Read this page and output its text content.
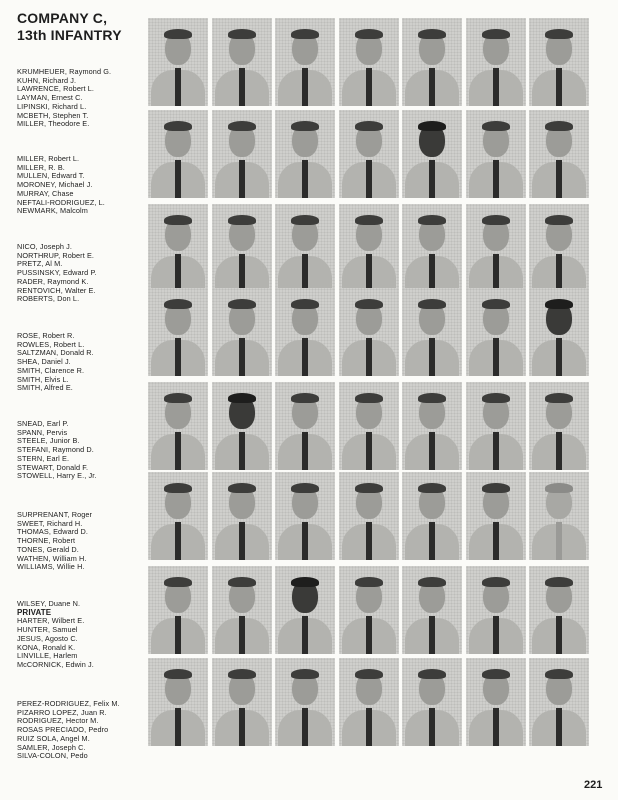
COMPANY C,
13th INFANTRY
KRUMHEUER, Raymond G.
KUHN, Richard J.
LAWRENCE, Robert L.
LAYMAN, Ernest C.
LIPINSKI, Richard L.
MCBETH, Stephen T.
MILLER, Theodore E.
MILLER, Robert L.
MILLER, R. B.
MULLEN, Edward T.
MORONEY, Michael J.
MURRAY, Chase
NEFTALI-RODRIGUEZ, L.
NEWMARK, Malcolm
NICO, Joseph J.
NORTHRUP, Robert E.
PRETZ, Al M.
PUSSINSKY, Edward P.
RADER, Raymond K.
RENTOVICH, Walter E.
ROBERTS, Don L.
ROSE, Robert R.
ROWLES, Robert L.
SALTZMAN, Donald R.
SHEA, Daniel J.
SMITH, Clarence R.
SMITH, Elvis L.
SMITH, Alfred E.
SNEAD, Earl P.
SPANN, Pervis
STEELE, Junior B.
STEFANI, Raymond D.
STERN, Earl E.
STEWART, Donald F.
STOWELL, Harry E., Jr.
SURPRENANT, Roger
SWEET, Richard H.
THOMAS, Edward D.
THORNE, Robert
TONES, Gerald D.
WATHEN, William H.
WILLIAMS, Willie H.
WILSEY, Duane N.
PRIVATE
HARTER, Wilbert E.
HUNTER, Samuel
JESUS, Agosto C.
KONA, Ronald K.
LINVILLE, Harlem
McCORNICK, Edwin J.
PEREZ-RODRIGUEZ, Felix M.
PIZARRO LOPEZ, Juan R.
RODRIGUEZ, Hector M.
ROSAS PRECIADO, Pedro
RUIZ SOLA, Angel M.
SAMLER, Joseph C.
SILVA-COLON, Pedo
221
